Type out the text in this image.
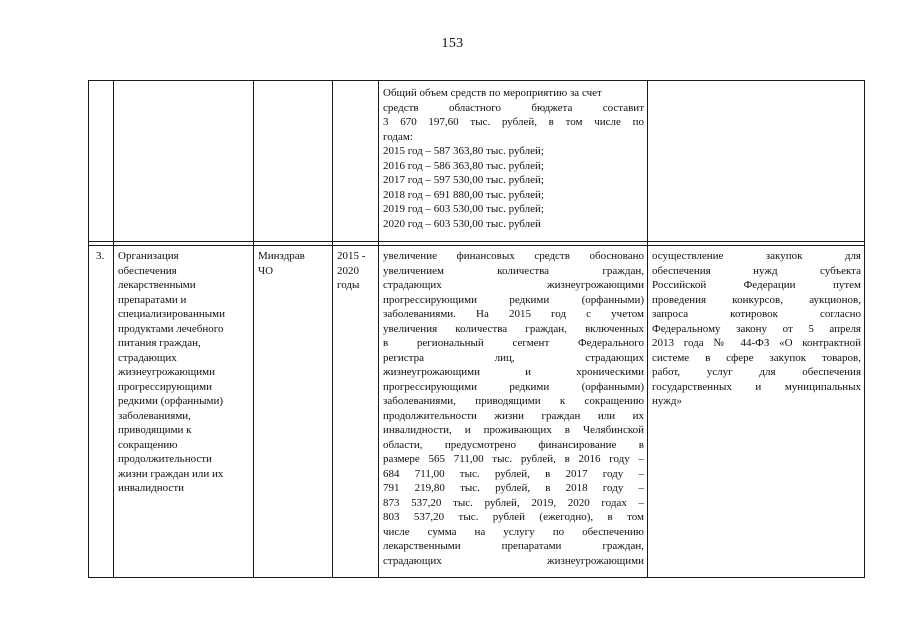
153
Общий объем средств по мероприятию за счет
средств областного бюджета составит
3 670 197,60 тыс. рублей, в том числе по
годам:
2015 год – 587 363,80 тыс. рублей;
2016 год – 586 363,80 тыс. рублей;
2017 год – 597 530,00 тыс. рублей;
2018 год – 691 880,00 тыс. рублей;
2019 год – 603 530,00 тыс. рублей;
2020 год – 603 530,00 тыс. рублей
3. Организация
обеспечения
лекарственными
препаратами и
специализированными
продуктами лечебного
питания граждан,
страдающих
жизнеугрожающими
прогрессирующими
редкими (орфанными)
заболеваниями,
приводящими к
сокращению
продолжительности
жизни граждан или их
инвалидности
Минздрав
ЧО
2015 -
2020
годы
увеличение финансовых средств обосновано
увеличением количества граждан,
страдающих жизнеугрожающими
прогрессирующими редкими (орфанными)
заболеваниями. На 2015 год с учетом
увеличения количества граждан, включенных
в региональный сегмент Федерального
регистра лиц, страдающих
жизнеугрожающими и хроническими
прогрессирующими редкими (орфанными)
заболеваниями, приводящими к сокращению
продолжительности жизни граждан или их
инвалидности, и проживающих в Челябинской
области, предусмотрено финансирование в
размере 565 711,00 тыс. рублей, в 2016 году –
684 711,00 тыс. рублей, в 2017 году –
791 219,80 тыс. рублей, в 2018 году –
873 537,20 тыс. рублей, 2019, 2020 годах –
803 537,20 тыс. рублей (ежегодно), в том
числе сумма на услугу по обеспечению
лекарственными препаратами граждан,
страдающих жизнеугрожающими
осуществление закупок для
обеспечения нужд субъекта
Российской Федерации путем
проведения конкурсов, аукционов,
запроса котировок согласно
Федеральному закону от 5 апреля
2013 года № 44-ФЗ «О контрактной
системе в сфере закупок товаров,
работ, услуг для обеспечения
государственных и муниципальных
нужд»
